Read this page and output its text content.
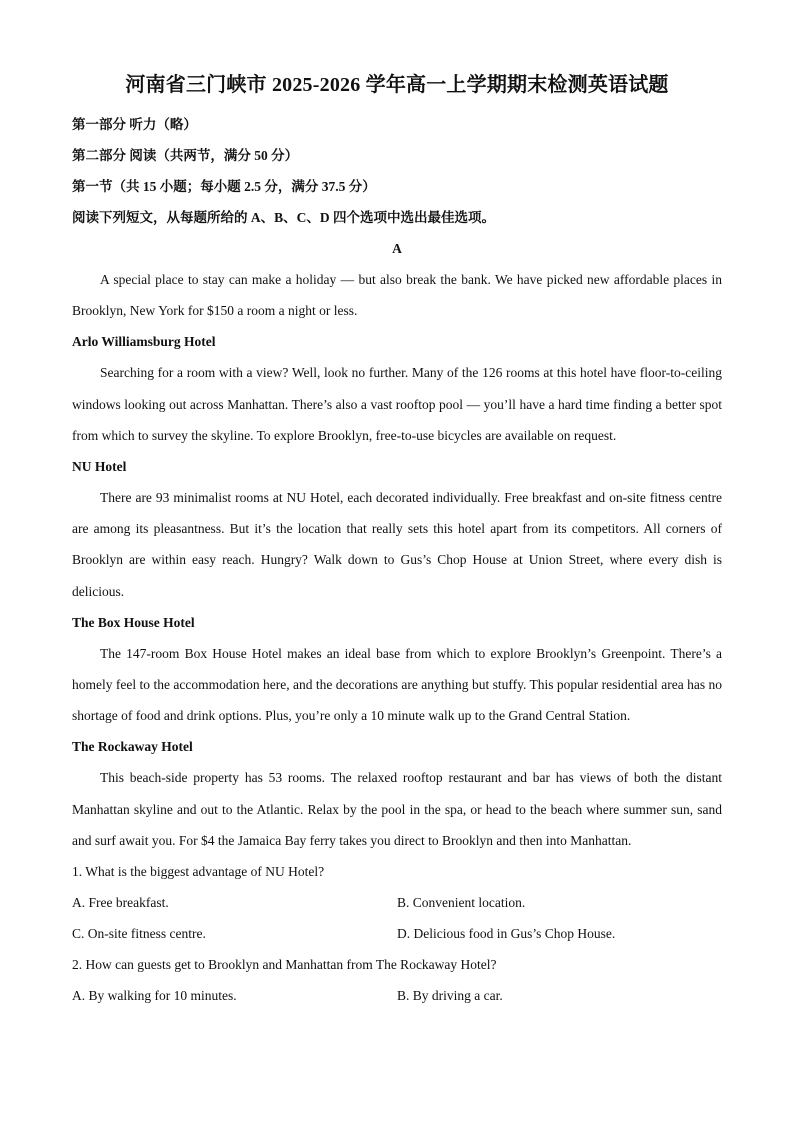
河南省三门峡市 2025-2026 学年高一上学期期末检测英语试题

第一部分 听力（略）

第二部分 阅读（共两节，满分 50 分）

第一节（共 15 小题；每小题 2.5 分，满分 37.5 分）

阅读下列短文，从每题所给的 A、B、C、D 四个选项中选出最佳选项。

A

A special place to stay can make a holiday — but also break the bank. We have picked new affordable places in Brooklyn, New York for $150 a room a night or less.

Arlo Williamsburg Hotel

Searching for a room with a view? Well, look no further. Many of the 126 rooms at this hotel have floor-to-ceiling windows looking out across Manhattan. There’s also a vast rooftop pool — you’ll have a hard time finding a better spot from which to survey the skyline. To explore Brooklyn, free-to-use bicycles are available on request.

NU Hotel

There are 93 minimalist rooms at NU Hotel, each decorated individually. Free breakfast and on-site fitness centre are among its pleasantness. But it’s the location that really sets this hotel apart from its competitors. All corners of Brooklyn are within easy reach. Hungry? Walk down to Gus’s Chop House at Union Street, where every dish is delicious.

The Box House Hotel

The 147-room Box House Hotel makes an ideal base from which to explore Brooklyn’s Greenpoint. There’s a homely feel to the accommodation here, and the decorations are anything but stuffy. This popular residential area has no shortage of food and drink options. Plus, you’re only a 10 minute walk up to the Grand Central Station.

The Rockaway Hotel

This beach-side property has 53 rooms. The relaxed rooftop restaurant and bar has views of both the distant Manhattan skyline and out to the Atlantic. Relax by the pool in the spa, or head to the beach where summer sun, sand and surf await you. For $4 the Jamaica Bay ferry takes you direct to Brooklyn and then into Manhattan.

1. What is the biggest advantage of NU Hotel?

A. Free breakfast.	B. Convenient location.
C. On-site fitness centre.	D. Delicious food in Gus’s Chop House.

2. How can guests get to Brooklyn and Manhattan from The Rockaway Hotel?

A. By walking for 10 minutes.	B. By driving a car.
